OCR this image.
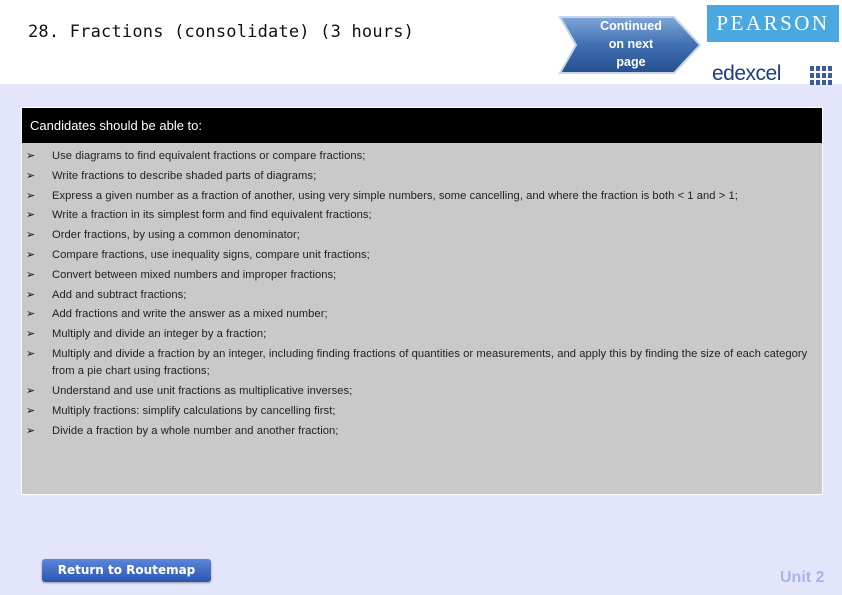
28. Fractions (consolidate) (3 hours)	Continued
on next
page
PEARSON
edexcel
Candidates should be able to:
➢	Use diagrams to find equivalent fractions or compare fractions;
➢	Write fractions to describe shaded parts of diagrams;
➢	Express a given number as a fraction of another, using very simple numbers, some cancelling, and where the fraction is both < 1 and > 1;
➢	Write a fraction in its simplest form and find equivalent fractions;
➢	Order fractions, by using a common denominator;
➢	Compare fractions, use inequality signs, compare unit fractions;
➢	Convert between mixed numbers and improper fractions;
➢	Add and subtract fractions;
➢	Add fractions and write the answer as a mixed number;
➢	Multiply and divide an integer by a fraction;
➢	Multiply and divide a fraction by an integer, including finding fractions of quantities or measurements, and apply this by finding the size of each category from a pie chart using fractions;
➢	Understand and use unit fractions as multiplicative inverses;
➢	Multiply fractions: simplify calculations by cancelling first;
➢	Divide a fraction by a whole number and another fraction;
Return to Routemap	Unit 2
